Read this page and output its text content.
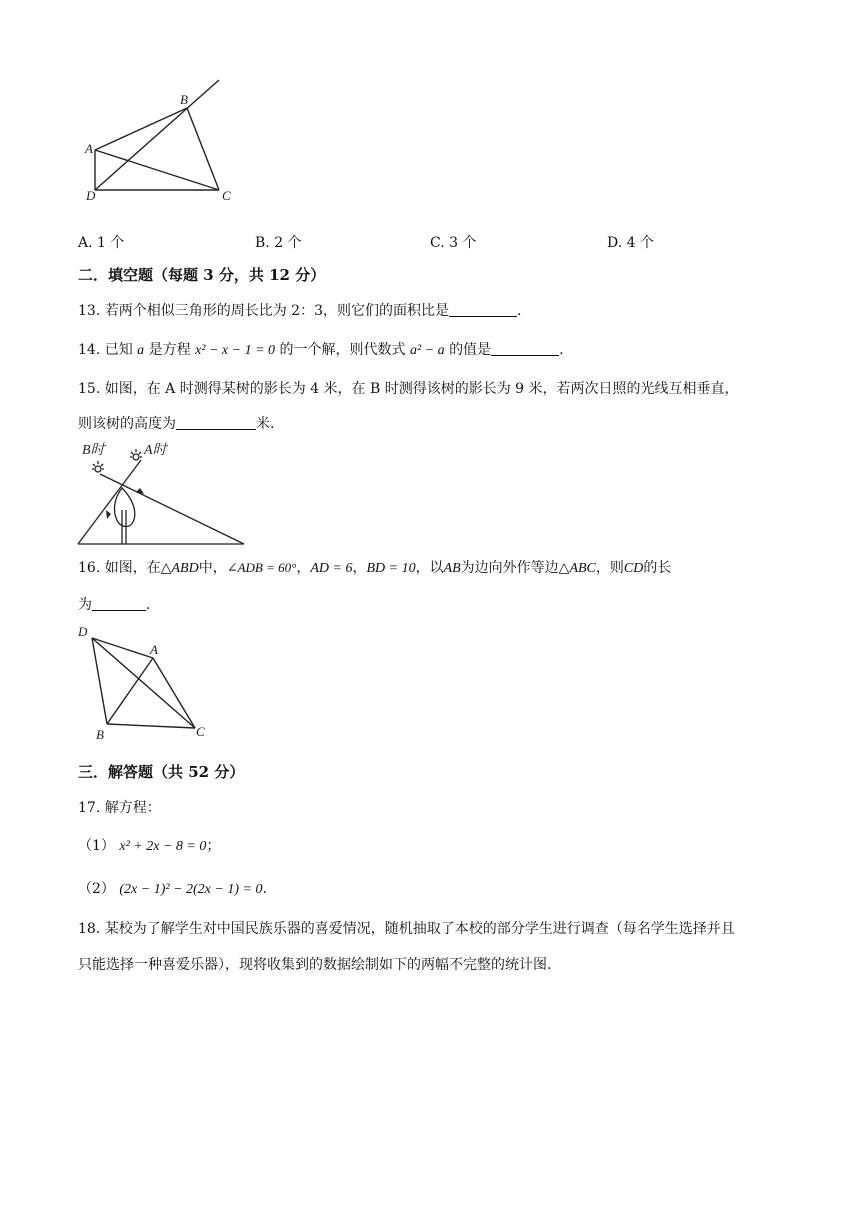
B
A
D	C
A. 1 个	B. 2 个	C. 3 个	D. 4 个
二．填空题（每题 3 分，共 12 分）
13. 若两个相似三角形的周长比为 2：3，则它们的面积比是	.
14. 已知 a 是方程 x² − x − 1 = 0 的一个解，则代数式 a² − a 的值是	.
15. 如图，在 A 时测得某树的影长为 4 米，在 B 时测得该树的影长为 9 米，若两次日照的光线互相垂直，
则该树的高度为	米.
B时	A时
16. 如图，在△ABD中，∠ADB = 60°，AD = 6，BD = 10，以AB为边向外作等边△ABC，则CD的长
为	.
D
A
B	C
三．解答题（共 52 分）
17. 解方程：
（1） x² + 2x − 8 = 0；
（2） (2x − 1)² − 2(2x − 1) = 0.
18. 某校为了解学生对中国民族乐器的喜爱情况，随机抽取了本校的部分学生进行调查（每名学生选择并且
只能选择一种喜爱乐器），现将收集到的数据绘制如下的两幅不完整的统计图.
